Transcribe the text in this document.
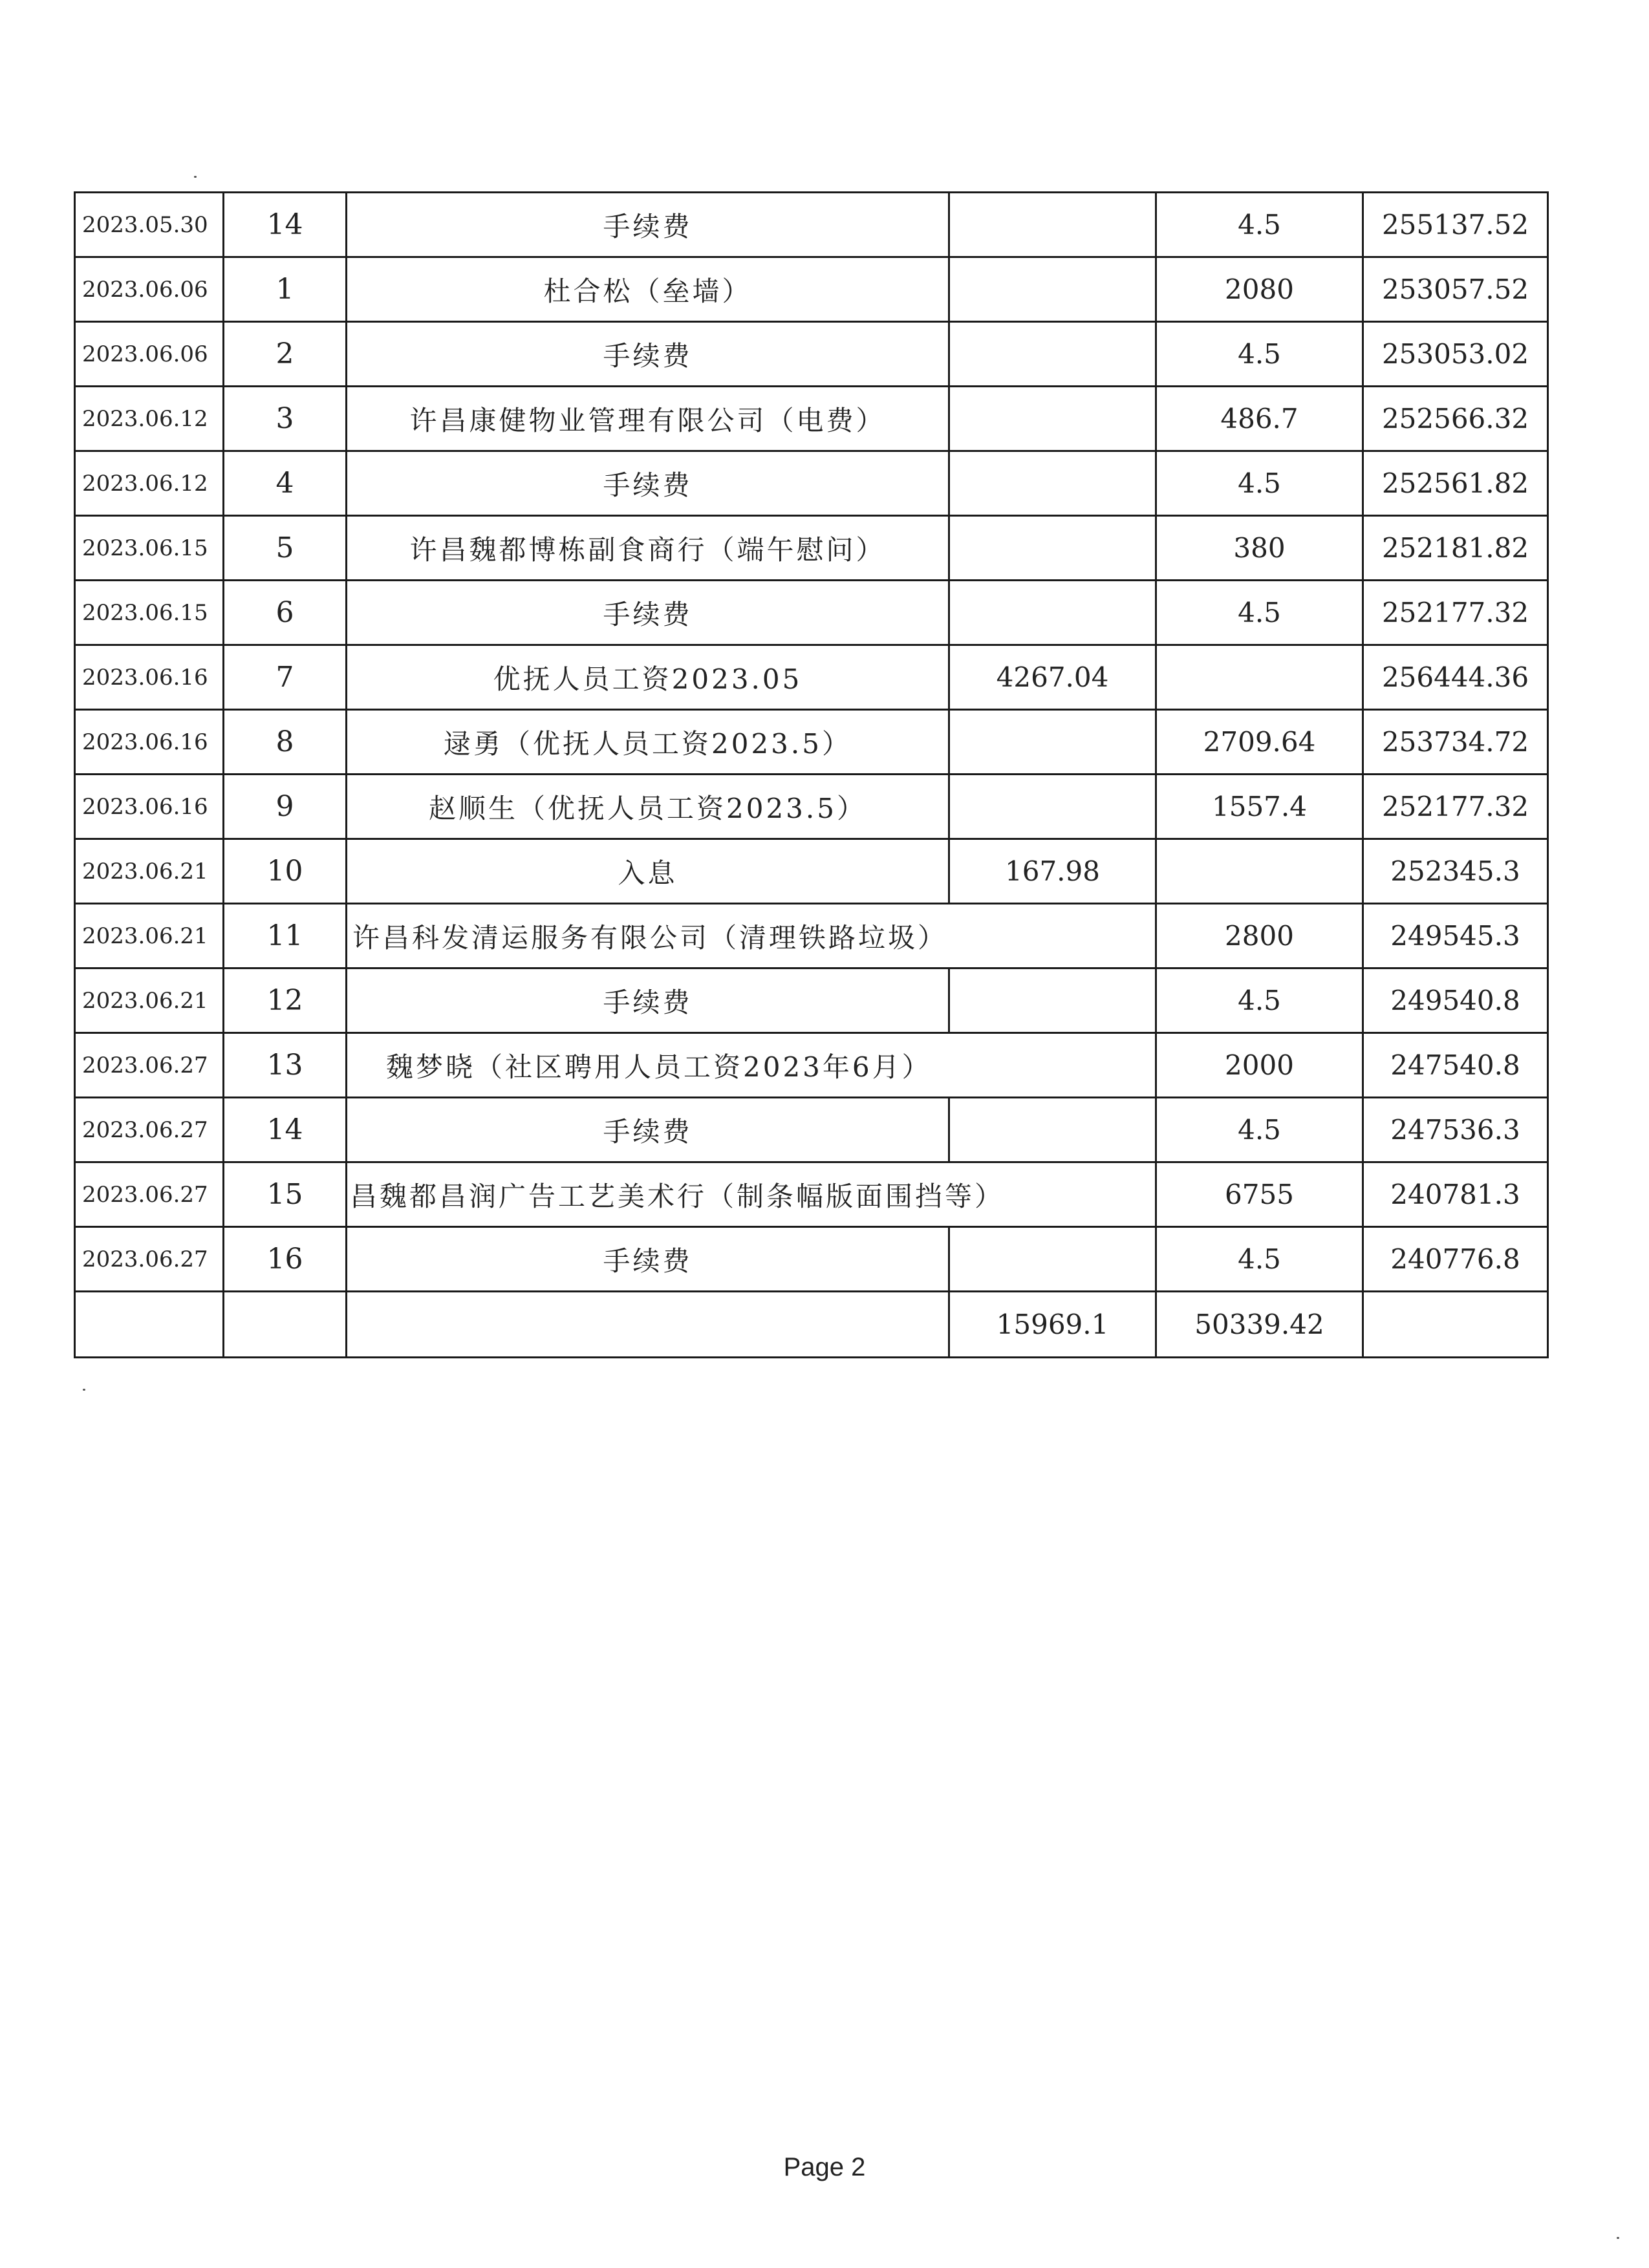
2023.05.30	14	手续费		4.5	255137.52
2023.06.06	1	杜合松（垒墙）		2080	253057.52
2023.06.06	2	手续费		4.5	253053.02
2023.06.12	3	许昌康健物业管理有限公司（电费）		486.7	252566.32
2023.06.12	4	手续费		4.5	252561.82
2023.06.15	5	许昌魏都博栋副食商行（端午慰问）		380	252181.82
2023.06.15	6	手续费		4.5	252177.32
2023.06.16	7	优抚人员工资2023.05	4267.04		256444.36
2023.06.16	8	逯勇（优抚人员工资2023.5）		2709.64	253734.72
2023.06.16	9	赵顺生（优抚人员工资2023.5）		1557.4	252177.32
2023.06.21	10	入息	167.98		252345.3
2023.06.21	11	许昌科发清运服务有限公司（清理铁路垃圾）		2800	249545.3
2023.06.21	12	手续费		4.5	249540.8
2023.06.27	13	魏梦晓（社区聘用人员工资2023年6月）		2000	247540.8
2023.06.27	14	手续费		4.5	247536.3
2023.06.27	15	昌魏都昌润广告工艺美术行（制条幅版面围挡等）		6755	240781.3
2023.06.27	16	手续费		4.5	240776.8
			15969.1	50339.42	
Page 2
